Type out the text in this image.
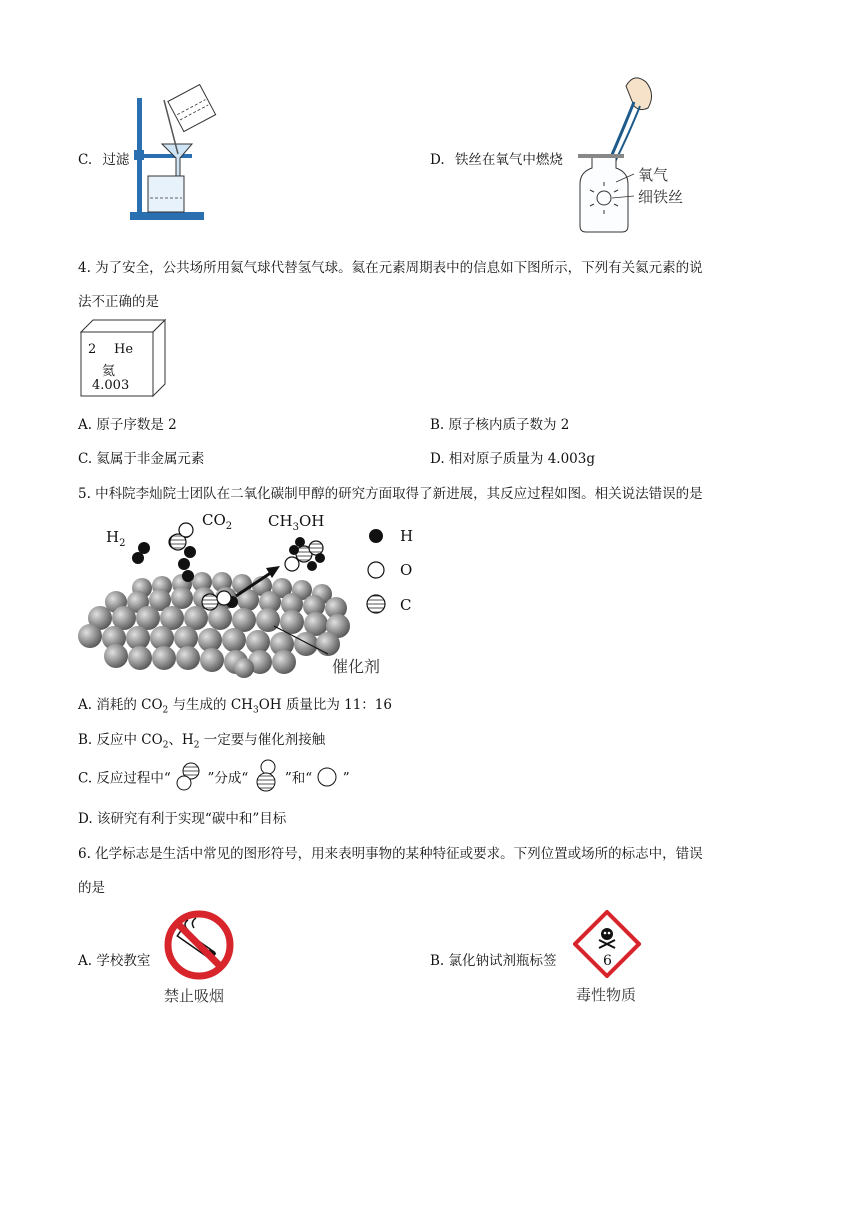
C. 过滤	D. 铁丝在氧气中燃烧
氧气
细铁丝
4. 为了安全，公共场所用氦气球代替氢气球。氦在元素周期表中的信息如下图所示，下列有关氦元素的说
法不正确的是
2 He
氦
4.003
A. 原子序数是 2	B. 原子核内质子数为 2
C. 氦属于非金属元素	D. 相对原子质量为 4.003g
5. 中科院李灿院士团队在二氧化碳制甲醇的研究方面取得了新进展，其反应过程如图。相关说法错误的是
$H_2$
$CO_2$ $CH_3OH$
H
O
C
催化剂
A. 消耗的 $CO_2$ 与生成的 $CH_3OH$ 质量比为 11：16
B. 反应中 $CO_2$、$H_2$ 一定要与催化剂接触
C. 反应过程中“	”分成“	”和“ ”
D. 该研究有利于实现“碳中和”目标
6. 化学标志是生活中常见的图形符号，用来表明事物的某种特征或要求。下列位置或场所的标志中，错误
的是
A. 学校教室
禁止吸烟
B. 氯化钠试剂瓶标签	6
毒性物质
